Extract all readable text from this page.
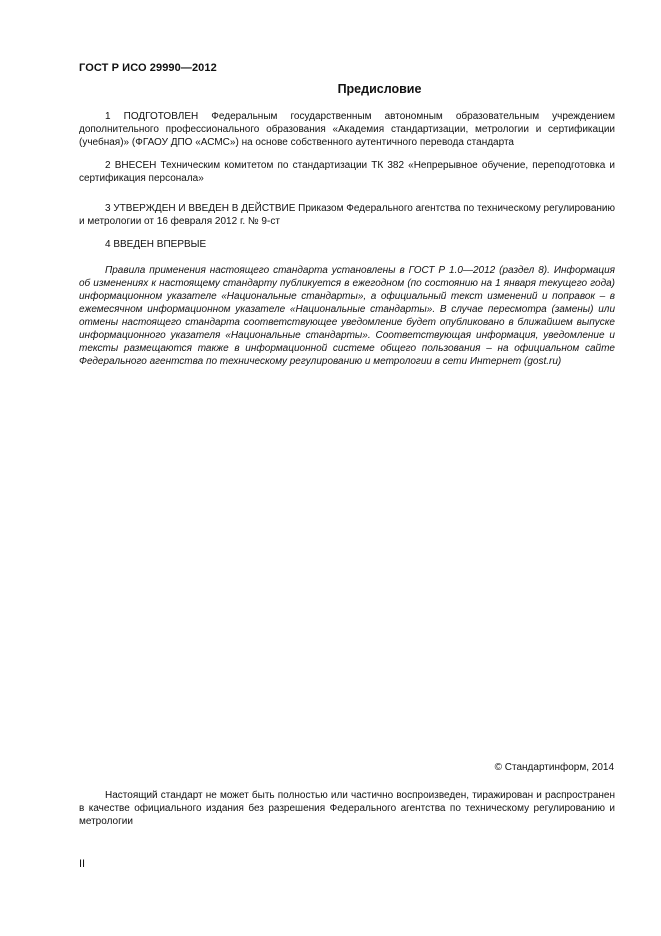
ГОСТ Р ИСО 29990—2012
Предисловие

1 ПОДГОТОВЛЕН Федеральным государственным автономным образовательным учреждением дополнительного профессионального образования «Академия стандартизации, метрологии и сертификации (учебная)» (ФГАОУ ДПО «АСМС») на основе собственного аутентичного перевода стандарта

2 ВНЕСЕН Техническим комитетом по стандартизации ТК 382 «Непрерывное обучение, переподготовка и сертификация персонала»

3 УТВЕРЖДЕН И ВВЕДЕН В ДЕЙСТВИЕ Приказом Федерального агентства по техническому регулированию и метрологии от 16 февраля 2012 г. № 9-ст

4 ВВЕДЕН ВПЕРВЫЕ

Правила применения настоящего стандарта установлены в ГОСТ Р 1.0—2012 (раздел 8). Информация об изменениях к настоящему стандарту публикуется в ежегодном (по состоянию на 1 января текущего года) информационном указателе «Национальные стандарты», а официальный текст изменений и поправок – в ежемесячном информационном указателе «Национальные стандарты». В случае пересмотра (замены) или отмены настоящего стандарта соответствующее уведомление будет опубликовано в ближайшем выпуске информационного указателя «Национальные стандарты». Соответствующая информация, уведомление и тексты размещаются также в информационной системе общего пользования – на официальном сайте Федерального агентства по техническому регулированию и метрологии в сети Интернет (gost.ru)

© Стандартинформ, 2014

Настоящий стандарт не может быть полностью или частично воспроизведен, тиражирован и распространен в качестве официального издания без разрешения Федерального агентства по техническому регулированию и метрологии

II
